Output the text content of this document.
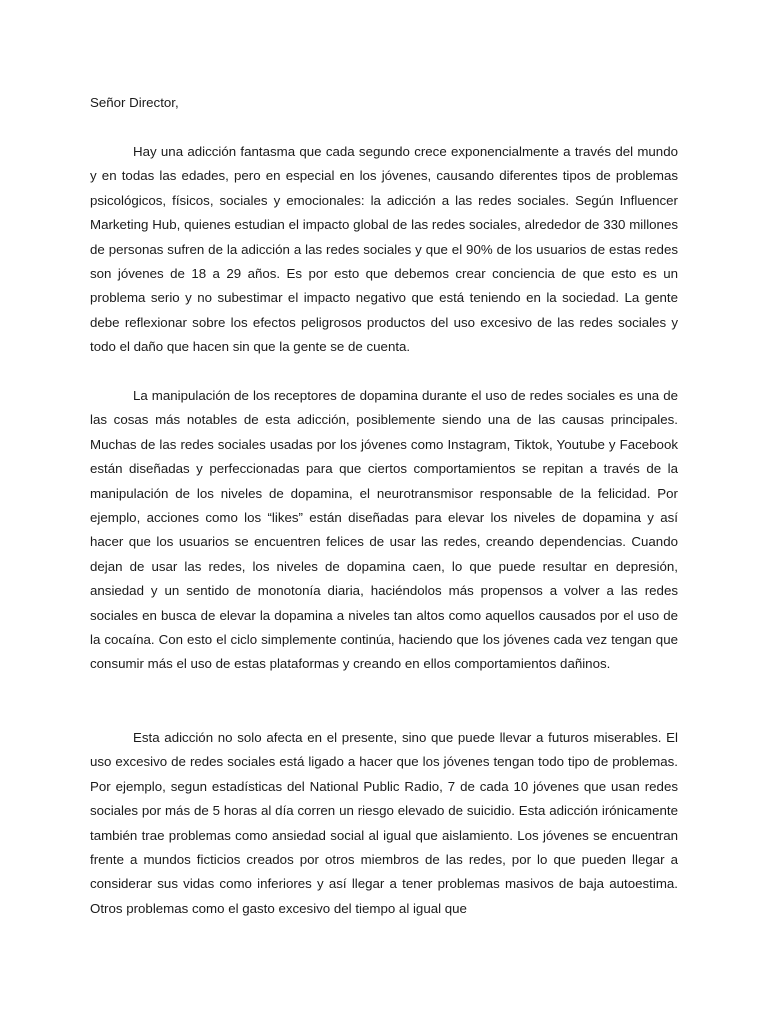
Señor Director,

Hay una adicción fantasma que cada segundo crece exponencialmente a través del mundo y en todas las edades, pero en especial en los jóvenes, causando diferentes tipos de problemas psicológicos, físicos, sociales y emocionales: la adicción a las redes sociales. Según Influencer Marketing Hub, quienes estudian el impacto global de las redes sociales, alrededor de 330 millones de personas sufren de la adicción a las redes sociales y que el 90% de los usuarios de estas redes son jóvenes de 18 a 29 años. Es por esto que debemos crear conciencia de que esto es un problema serio y no subestimar el impacto negativo que está teniendo en la sociedad. La gente debe reflexionar sobre los efectos peligrosos productos del uso excesivo de las redes sociales y todo el daño que hacen sin que la gente se de cuenta.

La manipulación de los receptores de dopamina durante el uso de redes sociales es una de las cosas más notables de esta adicción, posiblemente siendo una de las causas principales. Muchas de las redes sociales usadas por los jóvenes como Instagram, Tiktok, Youtube y Facebook están diseñadas y perfeccionadas para que ciertos comportamientos se repitan a través de la manipulación de los niveles de dopamina, el neurotransmisor responsable de la felicidad. Por ejemplo, acciones como los “likes” están diseñadas para elevar los niveles de dopamina y así hacer que los usuarios se encuentren felices de usar las redes, creando dependencias. Cuando dejan de usar las redes, los niveles de dopamina caen, lo que puede resultar en depresión, ansiedad y un sentido de monotonía diaria, haciéndolos más propensos a volver a las redes sociales en busca de elevar la dopamina a niveles tan altos como aquellos causados por el uso de la cocaína. Con esto el ciclo simplemente continúa, haciendo que los jóvenes cada vez tengan que consumir más el uso de estas plataformas y creando en ellos comportamientos dañinos.

Esta adicción no solo afecta en el presente, sino que puede llevar a futuros miserables. El uso excesivo de redes sociales está ligado a hacer que los jóvenes tengan todo tipo de problemas. Por ejemplo, segun estadísticas del National Public Radio, 7 de cada 10 jóvenes que usan redes sociales por más de 5 horas al día corren un riesgo elevado de suicidio. Esta adicción irónicamente también trae problemas como ansiedad social al igual que aislamiento. Los jóvenes se encuentran frente a mundos ficticios creados por otros miembros de las redes, por lo que pueden llegar a considerar sus vidas como inferiores y así llegar a tener problemas masivos de baja autoestima. Otros problemas como el gasto excesivo del tiempo al igual que
